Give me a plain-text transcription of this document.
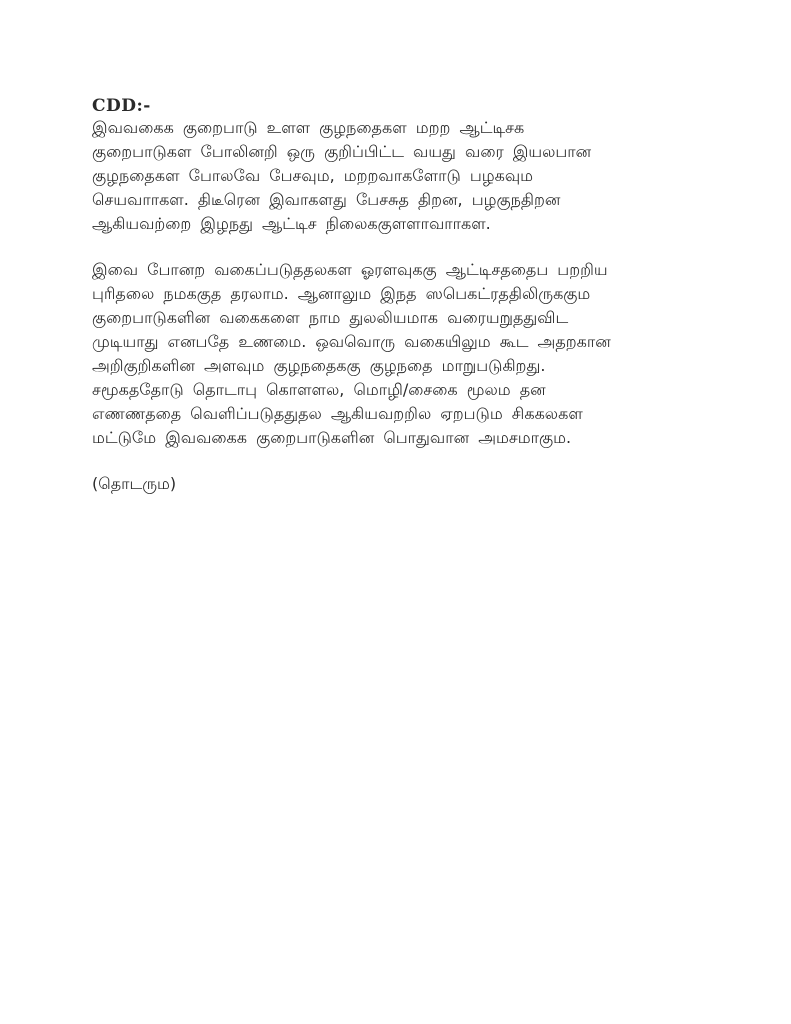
CDD:-

இவவகைக குறைபாடு உளள குழநதைகள மறற ஆட்டிசக
குறைபாடுகள போலினறி ஒரு குறிப்பிட்ட வயது வரை இயலபான
குழநதைகள போலவே பேசவும, மறறவாகளோடு பழகவும
செயவாாகள. திடீரென இவாகளது பேசசுத திறன, பழகுநதிறன
ஆகியவற்றை இழநது ஆட்டிச நிலைககுளளாவாாகள.
இவை போனற வகைப்படுததலகள ஓரளவுககு ஆட்டிசததைப பறறிய
புரிதலை நமககுத தரலாம. ஆனாலும இநத ஸபெகட்ரததிலிருககும
குறைபாடுகளின வகைகளை நாம துலலியமாக வரையறுததுவிட
முடியாது எனபதே உணமை. ஒவவொரு வகையிலும கூட அதறகான
அறிகுறிகளின அளவும குழநதைககு குழநதை மாறுபடுகிறது.
சமூகததோடு தொடாபு கொளளல, மொழி/சைகை மூலம தன
எணணததை வெளிப்படுததுதல ஆகியவறறில ஏறபடும சிககலகள
மட்டுமே இவவகைக குறைபாடுகளின பொதுவான அமசமாகும.
(தொடரும)
